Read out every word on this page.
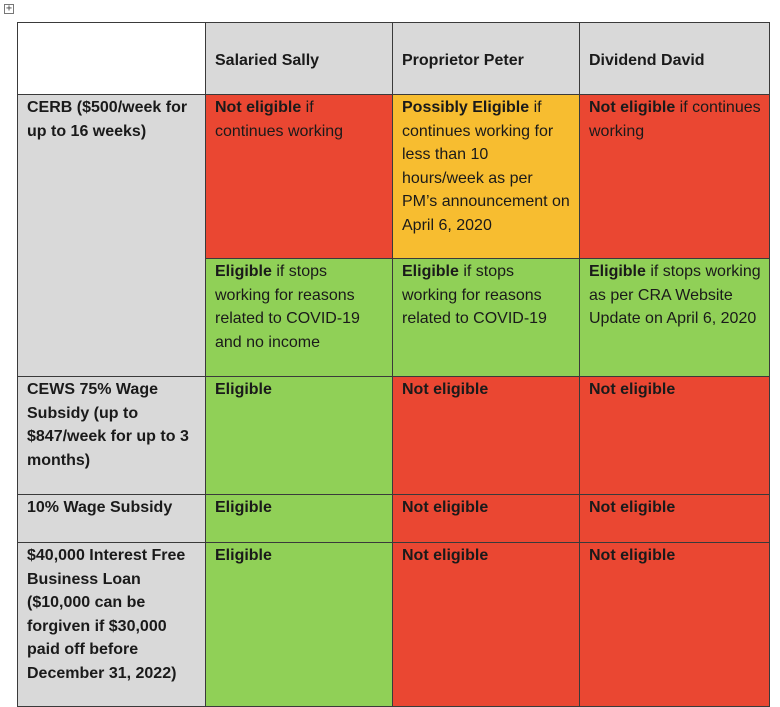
+
	Salaried Sally	Proprietor Peter	Dividend David
CERB ($500/week for up to 16 weeks)	Not eligible if continues working	Possibly Eligible if continues working for less than 10 hours/week as per PM’s announcement on April 6, 2020	Not eligible if continues working
	Eligible if stops working for reasons related to COVID-19 and no income	Eligible if stops working for reasons related to COVID-19	Eligible if stops working as per CRA Website Update on April 6, 2020
CEWS 75% Wage Subsidy (up to $847/week for up to 3 months)	Eligible	Not eligible	Not eligible
10% Wage Subsidy	Eligible	Not eligible	Not eligible
$40,000 Interest Free Business Loan ($10,000 can be forgiven if $30,000 paid off before December 31, 2022)	Eligible	Not eligible	Not eligible
